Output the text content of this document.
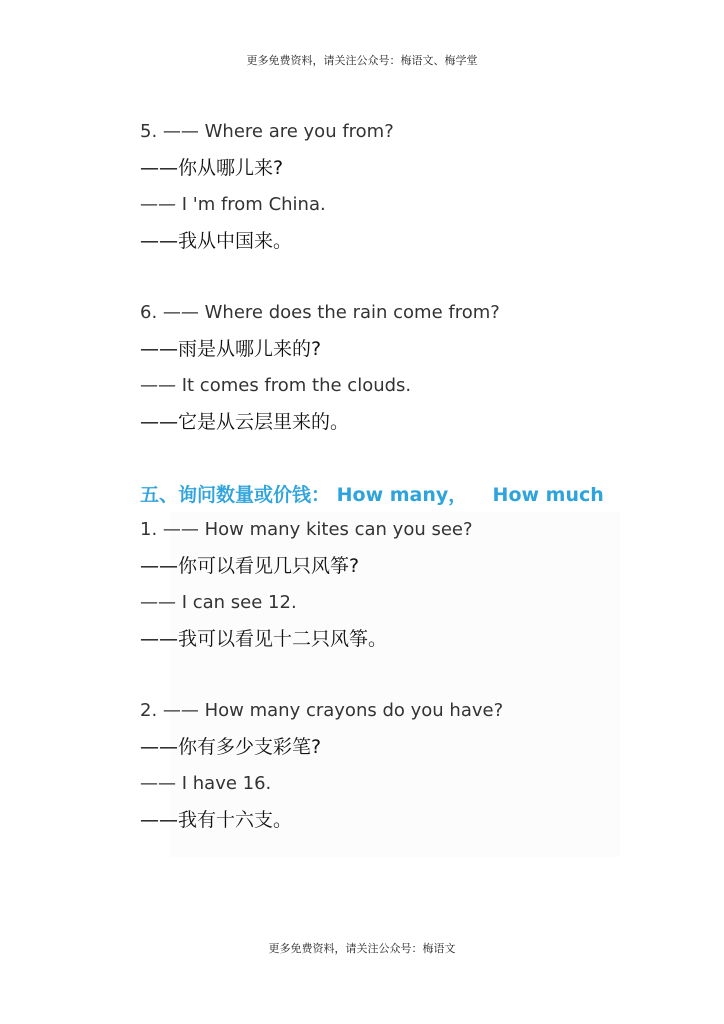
更多免费资料，请关注公众号：梅语文、梅学堂
5. —— Where are you from?
——你从哪儿来?
—— I 'm from China.
——我从中国来。
6. —— Where does the rain come from?
——雨是从哪儿来的?
—— It comes from the clouds.
——它是从云层里来的。
五、询问数量或价钱： How many， How much
1. —— How many kites can you see?
——你可以看见几只风筝?
—— I can see 12.
——我可以看见十二只风筝。
2. —— How many crayons do you have?
——你有多少支彩笔?
—— I have 16.
——我有十六支。
更多免费资料，请关注公众号：梅语文
